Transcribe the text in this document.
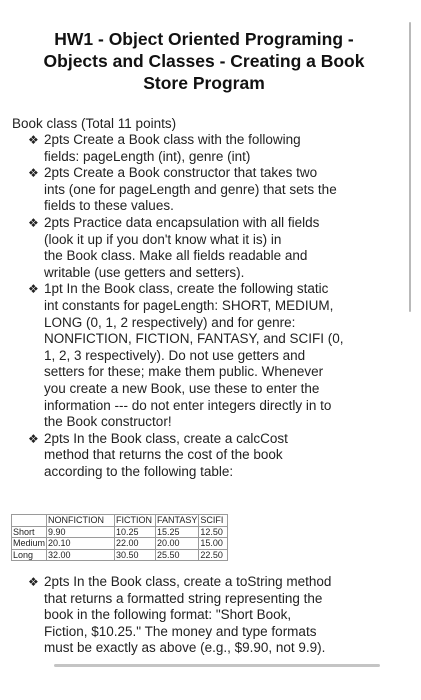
HW1 - Object Oriented Programing -
Objects and Classes - Creating a Book
Store Program
Book class (Total 11 points)
❖ 2pts Create a Book class with the following
fields: pageLength (int), genre (int)
❖ 2pts Create a Book constructor that takes two
ints (one for pageLength and genre) that sets the
fields to these values.
❖ 2pts Practice data encapsulation with all fields
(look it up if you don't know what it is) in
the Book class. Make all fields readable and
writable (use getters and setters).
❖ 1pt In the Book class, create the following static
int constants for pageLength: SHORT, MEDIUM,
LONG (0, 1, 2 respectively) and for genre:
NONFICTION, FICTION, FANTASY, and SCIFI (0,
1, 2, 3 respectively). Do not use getters and
setters for these; make them public. Whenever
you create a new Book, use these to enter the
information --- do not enter integers directly in to
the Book constructor!
❖ 2pts In the Book class, create a calcCost
method that returns the cost of the book
according to the following table:
	NONFICTION	FICTION	FANTASY	SCIFI
Short	9.90	10.25	15.25	12.50
Medium	20.10	22.00	20.00	15.00
Long	32.00	30.50	25.50	22.50
❖ 2pts In the Book class, create a toString method
that returns a formatted string representing the
book in the following format: "Short Book,
Fiction, $10.25." The money and type formats
must be exactly as above (e.g., $9.90, not 9.9).
